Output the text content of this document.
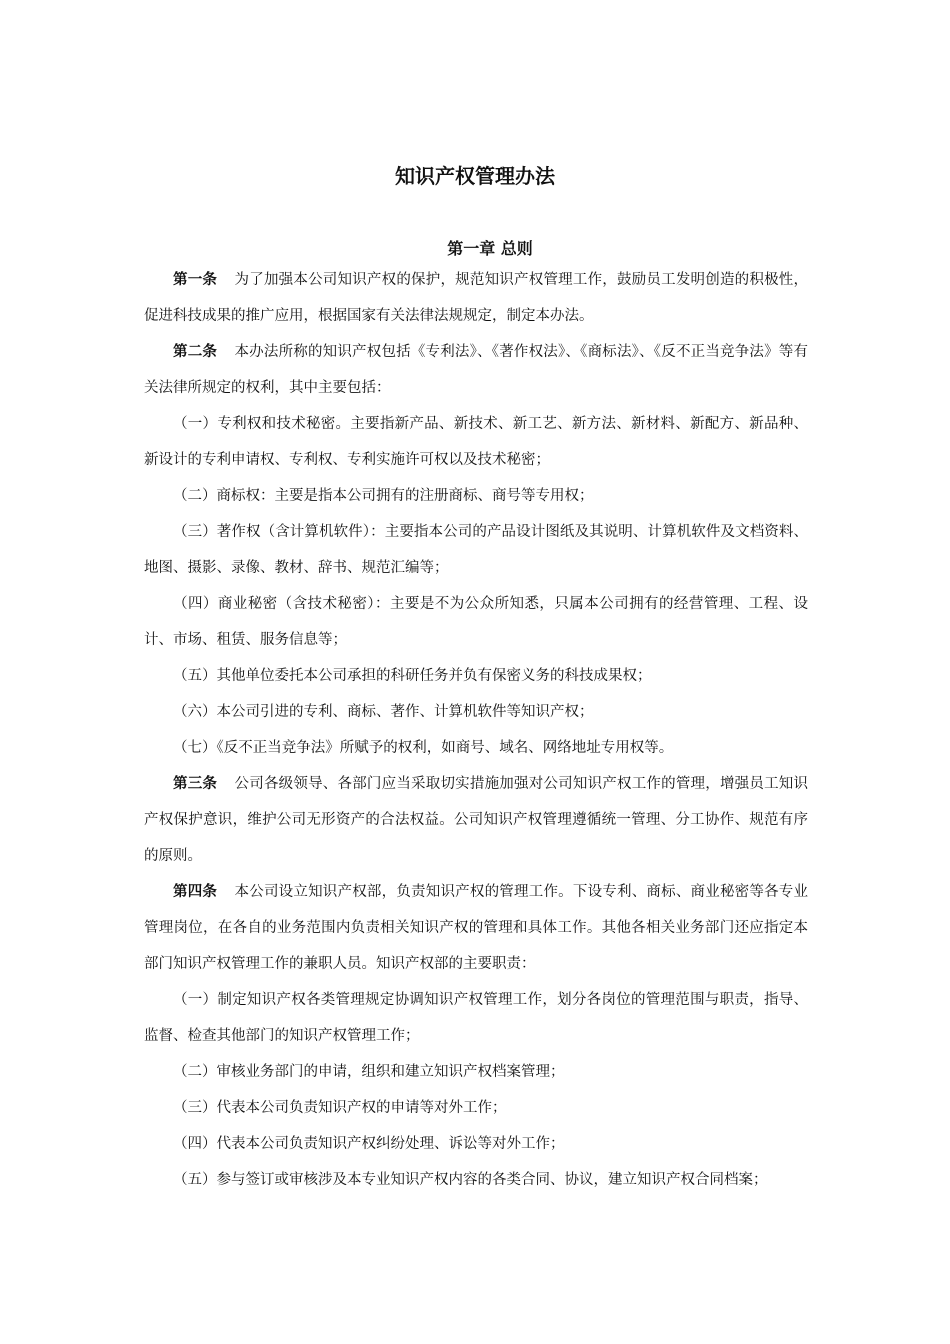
知识产权管理办法
第一章 总则

第一条 为了加强本公司知识产权的保护，规范知识产权管理工作，鼓励员工发明创造的积极性，促进科技成果的推广应用，根据国家有关法律法规规定，制定本办法。

第二条 本办法所称的知识产权包括《专利法》、《著作权法》、《商标法》、《反不正当竞争法》等有关法律所规定的权利，其中主要包括：

（一）专利权和技术秘密。主要指新产品、新技术、新工艺、新方法、新材料、新配方、新品种、新设计的专利申请权、专利权、专利实施许可权以及技术秘密；

（二）商标权：主要是指本公司拥有的注册商标、商号等专用权；

（三）著作权（含计算机软件）：主要指本公司的产品设计图纸及其说明、计算机软件及文档资料、地图、摄影、录像、教材、辞书、规范汇编等；

（四）商业秘密（含技术秘密）：主要是不为公众所知悉，只属本公司拥有的经营管理、工程、设计、市场、租赁、服务信息等；

（五）其他单位委托本公司承担的科研任务并负有保密义务的科技成果权；

（六）本公司引进的专利、商标、著作、计算机软件等知识产权；

（七）《反不正当竞争法》所赋予的权利，如商号、域名、网络地址专用权等。

第三条 公司各级领导、各部门应当采取切实措施加强对公司知识产权工作的管理，增强员工知识产权保护意识，维护公司无形资产的合法权益。公司知识产权管理遵循统一管理、分工协作、规范有序的原则。

第四条 本公司设立知识产权部，负责知识产权的管理工作。下设专利、商标、商业秘密等各专业管理岗位，在各自的业务范围内负责相关知识产权的管理和具体工作。其他各相关业务部门还应指定本部门知识产权管理工作的兼职人员。知识产权部的主要职责：

（一）制定知识产权各类管理规定协调知识产权管理工作，划分各岗位的管理范围与职责，指导、监督、检查其他部门的知识产权管理工作；

（二）审核业务部门的申请，组织和建立知识产权档案管理；

（三）代表本公司负责知识产权的申请等对外工作；

（四）代表本公司负责知识产权纠纷处理、诉讼等对外工作；

（五）参与签订或审核涉及本专业知识产权内容的各类合同、协议，建立知识产权合同档案；
